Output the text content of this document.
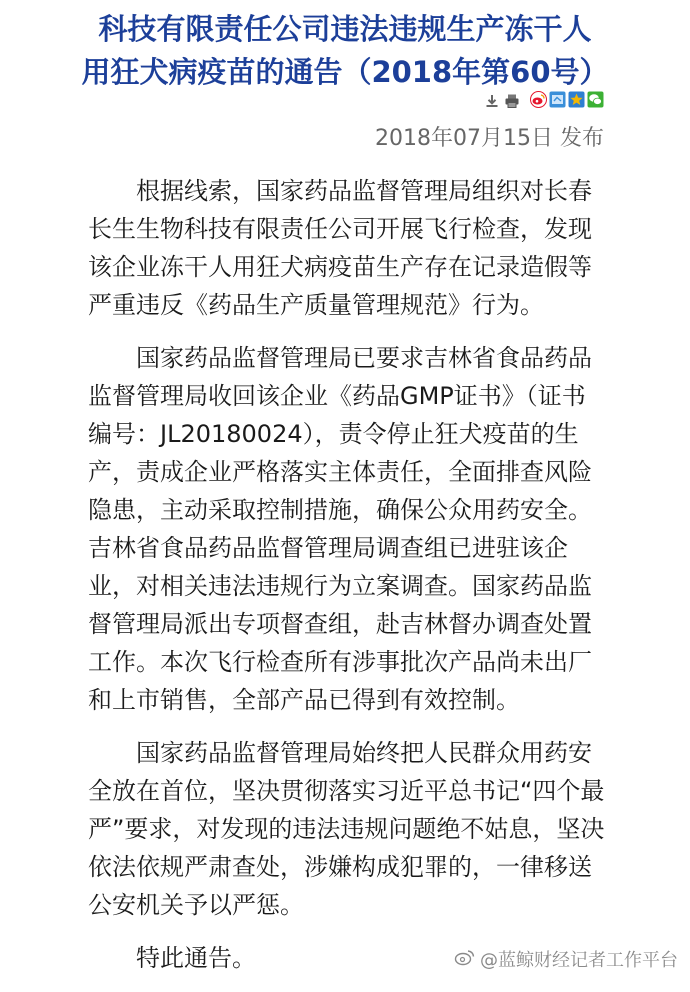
科技有限责任公司违法违规生产冻干人
用狂犬病疫苗的通告（2018年第60号）
2018年07月15日 发布

　　根据线索，国家药品监督管理局组织对长春
长生生物科技有限责任公司开展飞行检查，发现
该企业冻干人用狂犬病疫苗生产存在记录造假等
严重违反《药品生产质量管理规范》行为。

　　国家药品监督管理局已要求吉林省食品药品
监督管理局收回该企业《药品GMP证书》（证书
编号：JL20180024），责令停止狂犬疫苗的生
产，责成企业严格落实主体责任，全面排查风险
隐患，主动采取控制措施，确保公众用药安全。
吉林省食品药品监督管理局调查组已进驻该企
业，对相关违法违规行为立案调查。国家药品监
督管理局派出专项督查组，赴吉林督办调查处置
工作。本次飞行检查所有涉事批次产品尚未出厂
和上市销售，全部产品已得到有效控制。

　　国家药品监督管理局始终把人民群众用药安
全放在首位，坚决贯彻落实习近平总书记“四个最
严”要求，对发现的违法违规问题绝不姑息，坚决
依法依规严肃查处，涉嫌构成犯罪的，一律移送
公安机关予以严惩。

　　特此通告。	@蓝鲸财经记者工作平台
